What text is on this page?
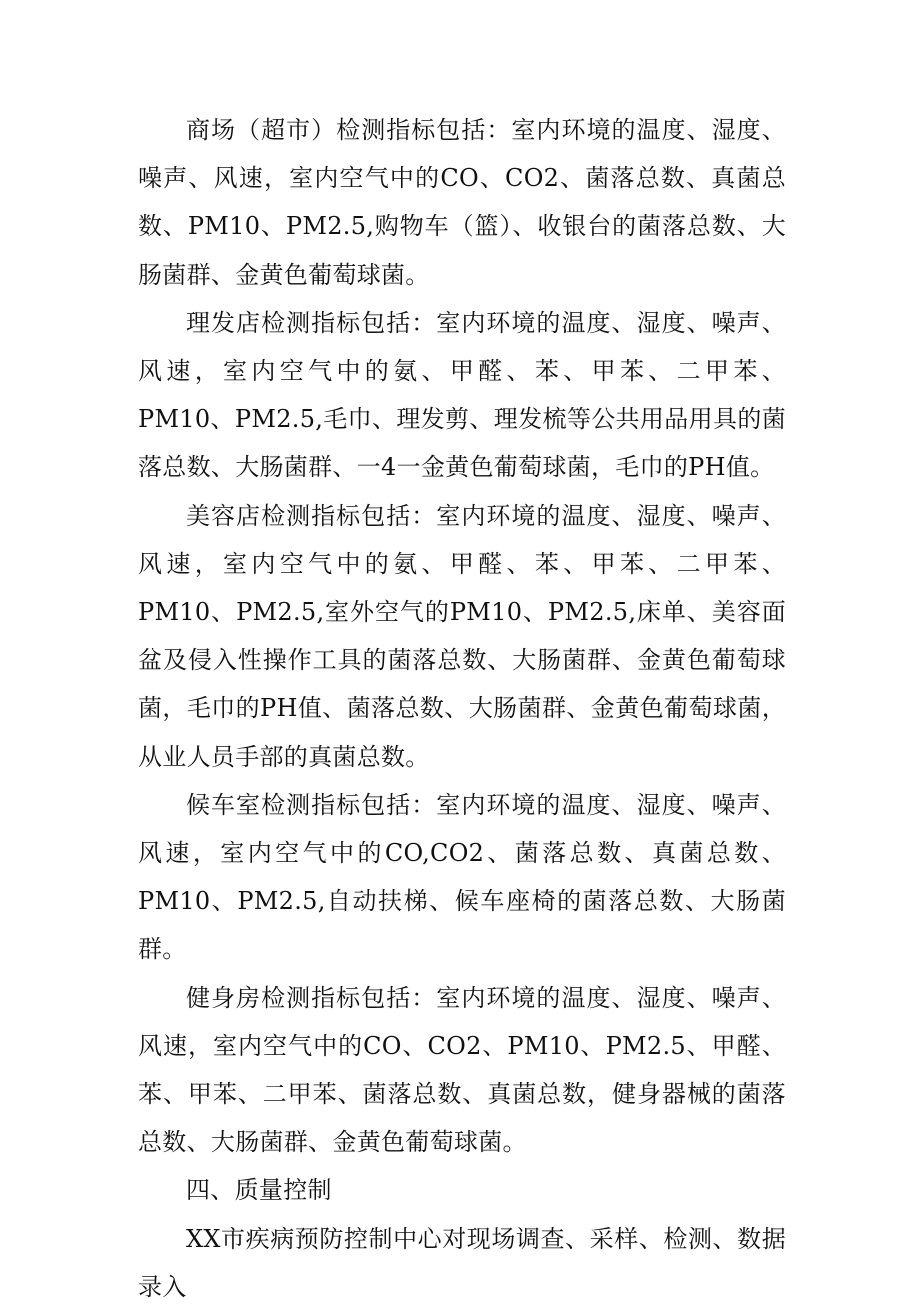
商场（超市）检测指标包括：室内环境的温度、湿度、噪声、风速，室内空气中的CO、CO2、菌落总数、真菌总数、PM10、PM2.5,购物车（篮）、收银台的菌落总数、大肠菌群、金黄色葡萄球菌。

理发店检测指标包括：室内环境的温度、湿度、噪声、风速，室内空气中的氨、甲醛、苯、甲苯、二甲苯、PM10、PM2.5,毛巾、理发剪、理发梳等公共用品用具的菌落总数、大肠菌群、一4一金黄色葡萄球菌，毛巾的PH值。

美容店检测指标包括：室内环境的温度、湿度、噪声、风速，室内空气中的氨、甲醛、苯、甲苯、二甲苯、PM10、PM2.5,室外空气的PM10、PM2.5,床单、美容面盆及侵入性操作工具的菌落总数、大肠菌群、金黄色葡萄球菌，毛巾的PH值、菌落总数、大肠菌群、金黄色葡萄球菌，从业人员手部的真菌总数。

候车室检测指标包括：室内环境的温度、湿度、噪声、风速，室内空气中的CO,CO2、菌落总数、真菌总数、PM10、PM2.5,自动扶梯、候车座椅的菌落总数、大肠菌群。

健身房检测指标包括：室内环境的温度、湿度、噪声、风速，室内空气中的CO、CO2、PM10、PM2.5、甲醛、苯、甲苯、二甲苯、菌落总数、真菌总数，健身器械的菌落总数、大肠菌群、金黄色葡萄球菌。

四、质量控制

XX市疾病预防控制中心对现场调查、采样、检测、数据录入
